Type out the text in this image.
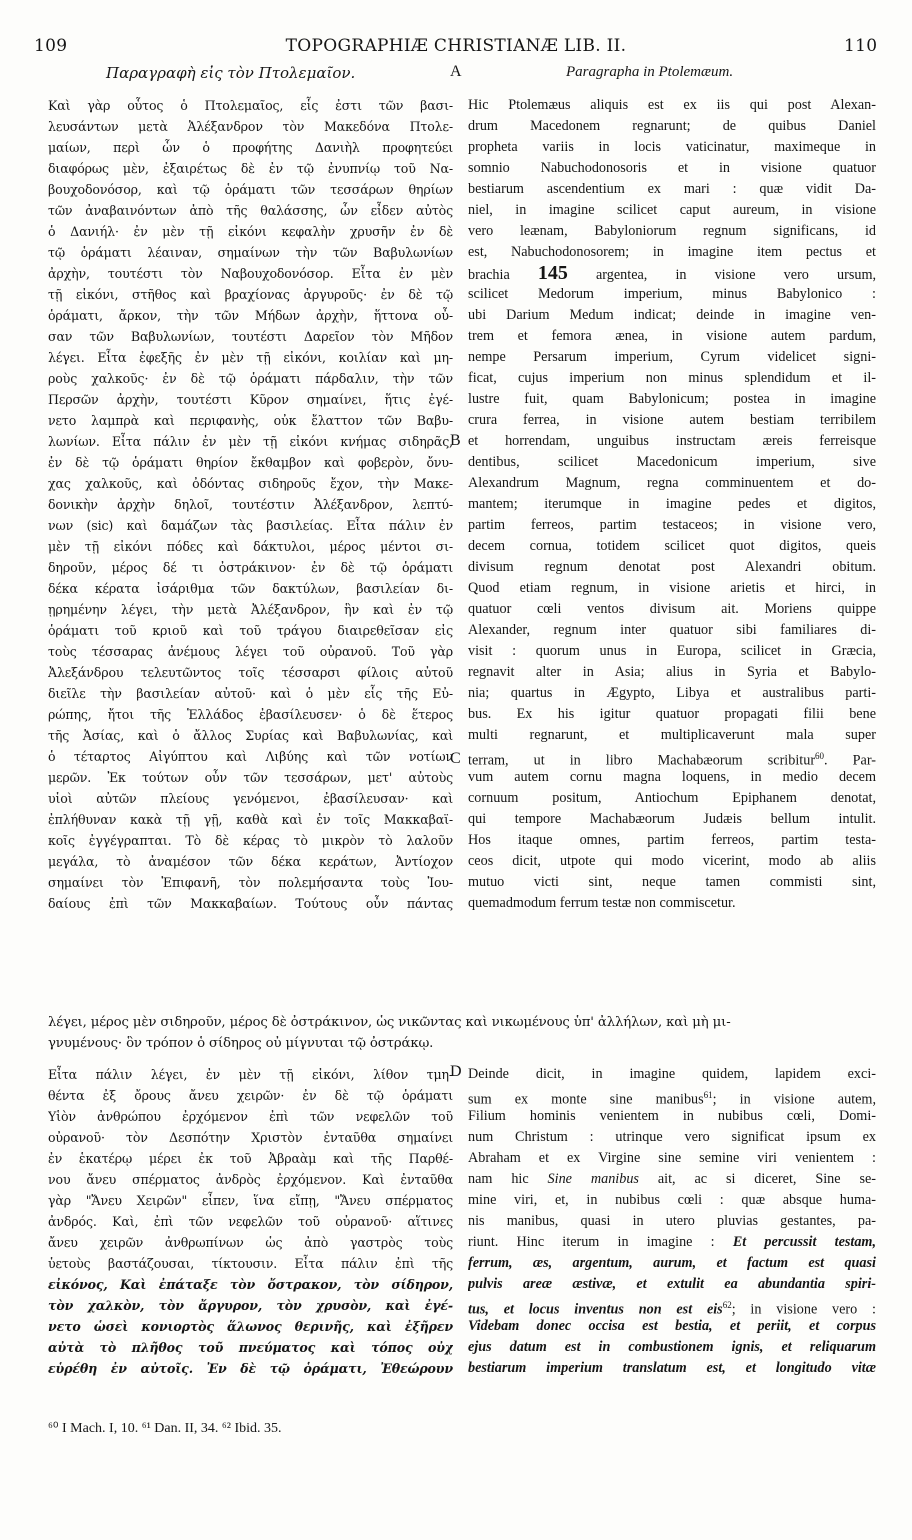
109	TOPOGRAPHIÆ CHRISTIANÆ LIB. II.	110
Παραγραφὴ εἰς τὸν Πτολεμαῖον.	A	Paragrapha in Ptolemæum.
B
C
D
Καὶ γὰρ οὗτος ὁ Πτολεμαῖος, εἷς ἐστι τῶν βασι-
λευσάντων μετὰ Ἀλέξανδρον τὸν Μακεδόνα Πτολε-
μαίων, περὶ ὧν ὁ προφήτης Δανιὴλ προφητεύει
διαφόρως μὲν, ἐξαιρέτως δὲ ἐν τῷ ἐνυπνίῳ τοῦ Να-
βουχοδονόσορ, καὶ τῷ ὁράματι τῶν τεσσάρων θηρίων
τῶν ἀναβαινόντων ἀπὸ τῆς θαλάσσης, ὧν εἶδεν αὐτὸς
ὁ Δανιήλ· ἐν μὲν τῇ εἰκόνι κεφαλὴν χρυσῆν ἐν δὲ
τῷ ὁράματι λέαιναν, σημαίνων τὴν τῶν Βαβυλωνίων
ἀρχὴν, τουτέστι τὸν Ναβουχοδονόσορ. Εἶτα ἐν μὲν
τῇ εἰκόνι, στῆθος καὶ βραχίονας ἀργυροῦς· ἐν δὲ τῷ
ὁράματι, ἄρκον, τὴν τῶν Μήδων ἀρχὴν, ἥττονα οὖ-
σαν τῶν Βαβυλωνίων, τουτέστι Δαρεῖον τὸν Μῆδον
λέγει. Εἶτα ἐφεξῆς ἐν μὲν τῇ εἰκόνι, κοιλίαν καὶ μη-
ροὺς χαλκοῦς· ἐν δὲ τῷ ὁράματι πάρδαλιν, τὴν τῶν
Περσῶν ἀρχὴν, τουτέστι Κῦρον σημαίνει, ἥτις ἐγέ-
νετο λαμπρὰ καὶ περιφανὴς, οὐκ ἔλαττον τῶν Βαβυ-
λωνίων. Εἶτα πάλιν ἐν μὲν τῇ εἰκόνι κνήμας σιδηρᾶς,
ἐν δὲ τῷ ὁράματι θηρίον ἔκθαμβον καὶ φοβερὸν, ὄνυ-
χας χαλκοῦς, καὶ ὀδόντας σιδηροῦς ἔχον, τὴν Μακε-
δονικὴν ἀρχὴν δηλοῖ, τουτέστιν Ἀλέξανδρον, λεπτύ-
νων (sic) καὶ δαμάζων τὰς βασιλείας. Εἶτα πάλιν ἐν
μὲν τῇ εἰκόνι πόδες καὶ δάκτυλοι, μέρος μέντοι σι-
δηροῦν, μέρος δέ τι ὀστράκινον· ἐν δὲ τῷ ὁράματι
δέκα κέρατα ἰσάριθμα τῶν δακτύλων, βασιλείαν δι-
ῃρημένην λέγει, τὴν μετὰ Ἀλέξανδρον, ἣν καὶ ἐν τῷ
ὁράματι τοῦ κριοῦ καὶ τοῦ τράγου διαιρεθεῖσαν εἰς
τοὺς τέσσαρας ἀνέμους λέγει τοῦ οὐρανοῦ. Τοῦ γὰρ
Ἀλεξάνδρου τελευτῶντος τοῖς τέσσαρσι φίλοις αὐτοῦ
διεῖλε τὴν βασιλείαν αὐτοῦ· καὶ ὁ μὲν εἷς τῆς Εὐ-
ρώπης, ἤτοι τῆς Ἑλλάδος ἐβασίλευσεν· ὁ δὲ ἕτερος
τῆς Ἀσίας, καὶ ὁ ἄλλος Συρίας καὶ Βαβυλωνίας, καὶ
ὁ τέταρτος Αἰγύπτου καὶ Λιβύης καὶ τῶν νοτίων
μερῶν. Ἐκ τούτων οὖν τῶν τεσσάρων, μετ' αὐτοὺς
υἱοὶ αὐτῶν πλείους γενόμενοι, ἐβασίλευσαν· καὶ
ἐπλήθυναν κακὰ τῇ γῇ, καθὰ καὶ ἐν τοῖς Μακκαβαϊ-
κοῖς ἐγγέγραπται. Τὸ δὲ κέρας τὸ μικρὸν τὸ λαλοῦν
μεγάλα, τὸ ἀναμέσον τῶν δέκα κεράτων, Ἀντίοχον
σημαίνει τὸν Ἐπιφανῆ, τὸν πολεμήσαντα τοὺς Ἰου-
δαίους ἐπὶ τῶν Μακκαβαίων. Τούτους οὖν πάντας
Hic Ptolemæus aliquis est ex iis qui post Alexan-
drum Macedonem regnarunt; de quibus Daniel
propheta variis in locis vaticinatur, maximeque in
somnio Nabuchodonosoris et in visione quatuor
bestiarum ascendentium ex mari : quæ vidit Da-
niel, in imagine scilicet caput aureum, in visione
vero leænam, Babyloniorum regnum significans, id
est, Nabuchodonosorem; in imagine item pectus et
brachia 145 argentea, in visione vero ursum,
scilicet Medorum imperium, minus Babylonico :
ubi Darium Medum indicat; deinde in imagine ven-
trem et femora ænea, in visione autem pardum,
nempe Persarum imperium, Cyrum videlicet signi-
ficat, cujus imperium non minus splendidum et il-
lustre fuit, quam Babylonicum; postea in imagine
crura ferrea, in visione autem bestiam terribilem
et horrendam, unguibus instructam æreis ferreisque
dentibus, scilicet Macedonicum imperium, sive
Alexandrum Magnum, regna comminuentem et do-
mantem; iterumque in imagine pedes et digitos,
partim ferreos, partim testaceos; in visione vero,
decem cornua, totidem scilicet quot digitos, queis
divisum regnum denotat post Alexandri obitum.
Quod etiam regnum, in visione arietis et hirci, in
quatuor cœli ventos divisum ait. Moriens quippe
Alexander, regnum inter quatuor sibi familiares di-
visit : quorum unus in Europa, scilicet in Græcia,
regnavit alter in Asia; alius in Syria et Babylo-
nia; quartus in Ægypto, Libya et australibus parti-
bus. Ex his igitur quatuor propagati filii bene
multi regnarunt, et multiplicaverunt mala super
terram, ut in libro Machabæorum scribitur$^{60}$. Par-
vum autem cornu magna loquens, in medio decem
cornuum positum, Antiochum Epiphanem denotat,
qui tempore Machabæorum Judæis bellum intulit.
Hos itaque omnes, partim ferreos, partim testa-
ceos dicit, utpote qui modo vicerint, modo ab aliis
mutuo victi sint, neque tamen commisti sint,
quemadmodum ferrum testæ non commiscetur.
λέγει, μέρος μὲν σιδηροῦν, μέρος δὲ ὀστράκινον, ὡς νικῶντας καὶ νικωμένους ὑπ' ἀλλήλων, καὶ μὴ μι-
γνυμένους· ὃν τρόπον ὁ σίδηρος οὐ μίγνυται τῷ ὀστράκῳ.
Εἶτα πάλιν λέγει, ἐν μὲν τῇ εἰκόνι, λίθον τμη-
θέντα ἐξ ὄρους ἄνευ χειρῶν· ἐν δὲ τῷ ὁράματι
Υἱὸν ἀνθρώπου ἐρχόμενον ἐπὶ τῶν νεφελῶν τοῦ
οὐρανοῦ· τὸν Δεσπότην Χριστὸν ἐνταῦθα σημαίνει
ἐν ἑκατέρῳ μέρει ἐκ τοῦ Ἀβραὰμ καὶ τῆς Παρθέ-
νου ἄνευ σπέρματος ἀνδρὸς ἐρχόμενον. Καὶ ἐνταῦθα
γὰρ "Ἄνευ Χειρῶν" εἶπεν, ἵνα εἴπῃ, "Ἄνευ σπέρματος
ἀνδρός. Καὶ, ἐπὶ τῶν νεφελῶν τοῦ οὐρανοῦ· αἵτινες
ἄνευ χειρῶν ἀνθρωπίνων ὡς ἀπὸ γαστρὸς τοὺς
ὑετοὺς βαστάζουσαι, τίκτουσιν. Εἶτα πάλιν ἐπὶ τῆς
εἰκόνος, Καὶ ἐπάταξε τὸν ὄστρακον, τὸν σίδηρον,
τὸν χαλκὸν, τὸν ἄργυρον, τὸν χρυσὸν, καὶ ἐγέ-
νετο ὡσεὶ κονιορτὸς ἅλωνος θερινῆς, καὶ ἐξῆρεν
αὐτὰ τὸ πλῆθος τοῦ πνεύματος καὶ τόπος οὐχ
εὑρέθη ἐν αὐτοῖς. Ἐν δὲ τῷ ὁράματι, Ἐθεώρουν
Deinde dicit, in imagine quidem, lapidem exci-
sum ex monte sine manibus$^{61}$; in visione autem,
Filium hominis venientem in nubibus cœli, Domi-
num Christum : utrinque vero significat ipsum ex
Abraham et ex Virgine sine semine viri venientem :
nam hic Sine manibus ait, ac si diceret, Sine se-
mine viri, et, in nubibus cœli : quæ absque huma-
nis manibus, quasi in utero pluvias gestantes, pa-
riunt. Hinc iterum in imagine : Et percussit testam,
ferrum, æs, argentum, aurum, et factum est quasi
pulvis areæ æstivæ, et extulit ea abundantia spiri-
tus, et locus inventus non est eis$^{62}$; in visione vero :
Videbam donec occisa est bestia, et periit, et corpus
ejus datum est in combustionem ignis, et reliquarum
bestiarum imperium translatum est, et longitudo vitæ
⁶⁰ I Mach. I, 10. ⁶¹ Dan. II, 34. ⁶² Ibid. 35.
